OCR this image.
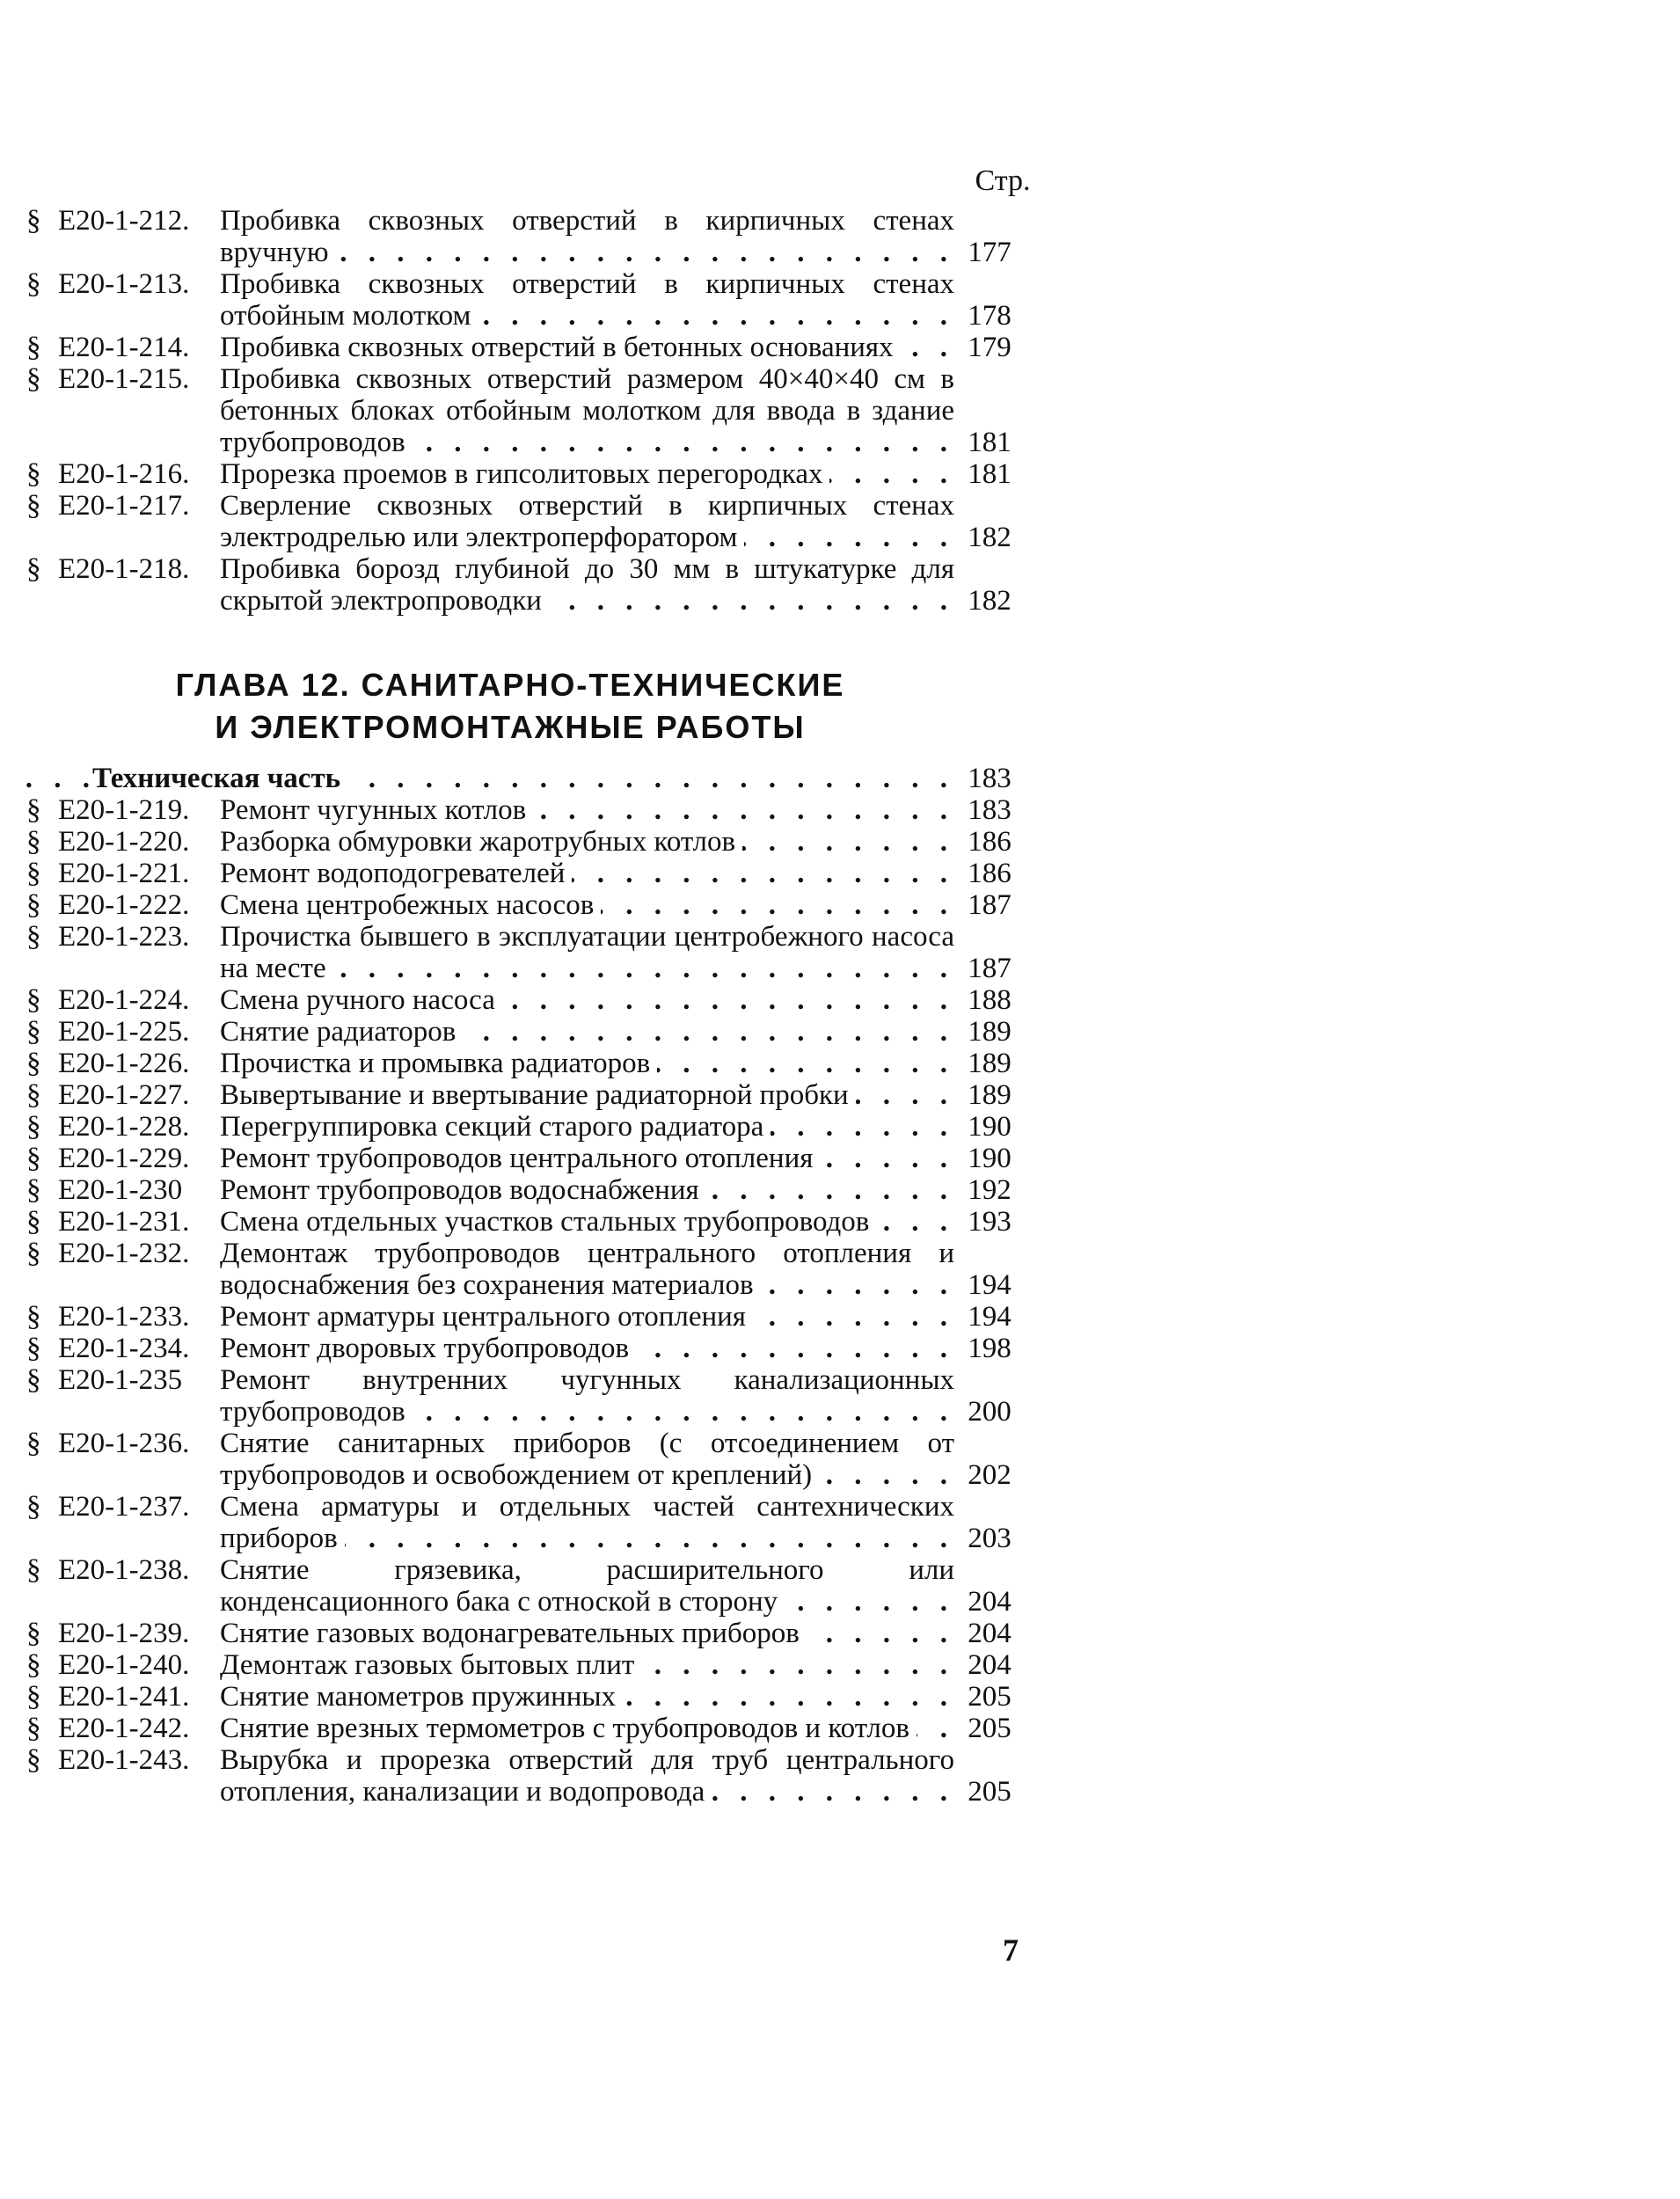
Стр.
§ Е20-1-212.	Пробивка сквозных отверстий в кирпичных стенах вручную . . .	177
§ Е20-1-213.	Пробивка сквозных отверстий в кирпичных стенах отбойным молотком . . .	178
§ Е20-1-214.	Пробивка сквозных отверстий в бетонных основаниях . . .	179
§ Е20-1-215.	Пробивка сквозных отверстий размером 40×40×40 см в бетонных блоках отбойным молотком для ввода в здание трубопроводов . . .	181
§ Е20-1-216.	Прорезка проемов в гипсолитовых перегородках . . .	181
§ Е20-1-217.	Сверление сквозных отверстий в кирпичных стенах электродрелью или электроперфоратором . . .	182
§ Е20-1-218.	Пробивка борозд глубиной до 30 мм в штукатурке для скрытой электропроводки . . .	182
ГЛАВА 12. САНИТАРНО-ТЕХНИЧЕСКИЕ
И ЭЛЕКТРОМОНТАЖНЫЕ РАБОТЫ
Техническая часть . . .	183
§ Е20-1-219.	Ремонт чугунных котлов . . .	183
§ Е20-1-220.	Разборка обмуровки жаротрубных котлов . . .	186
§ Е20-1-221.	Ремонт водоподогревателей . . .	186
§ Е20-1-222.	Смена центробежных насосов . . .	187
§ Е20-1-223.	Прочистка бывшего в эксплуатации центробежного насоса на месте . . .	187
§ Е20-1-224.	Смена ручного насоса . . .	188
§ Е20-1-225.	Снятие радиаторов . . .	189
§ Е20-1-226.	Прочистка и промывка радиаторов . . .	189
§ Е20-1-227.	Вывертывание и ввертывание радиаторной пробки . . .	189
§ Е20-1-228.	Перегруппировка секций старого радиатора . . .	190
§ Е20-1-229.	Ремонт трубопроводов центрального отопления . . .	190
§ Е20-1-230	Ремонт трубопроводов водоснабжения . . .	192
§ Е20-1-231.	Смена отдельных участков стальных трубопроводов . . .	193
§ Е20-1-232.	Демонтаж трубопроводов центрального отопления и водоснабжения без сохранения материалов . . .	194
§ Е20-1-233.	Ремонт арматуры центрального отопления . . .	194
§ Е20-1-234.	Ремонт дворовых трубопроводов . . .	198
§ Е20-1-235	Ремонт внутренних чугунных канализационных трубопроводов . . .	200
§ Е20-1-236.	Снятие санитарных приборов (с отсоединением от трубопроводов и освобождением от креплений) . . .	202
§ Е20-1-237.	Смена арматуры и отдельных частей сантехнических приборов . . .	203
§ Е20-1-238.	Снятие грязевика, расширительного или конденсационного бака с отноской в сторону . . .	204
§ Е20-1-239.	Снятие газовых водонагревательных приборов . . .	204
§ Е20-1-240.	Демонтаж газовых бытовых плит . . .	204
§ Е20-1-241.	Снятие манометров пружинных . . .	205
§ Е20-1-242.	Снятие врезных термометров с трубопроводов и котлов . . .	205
§ Е20-1-243.	Вырубка и прорезка отверстий для труб центрального отопления, канализации и водопровода . . .	205
7
